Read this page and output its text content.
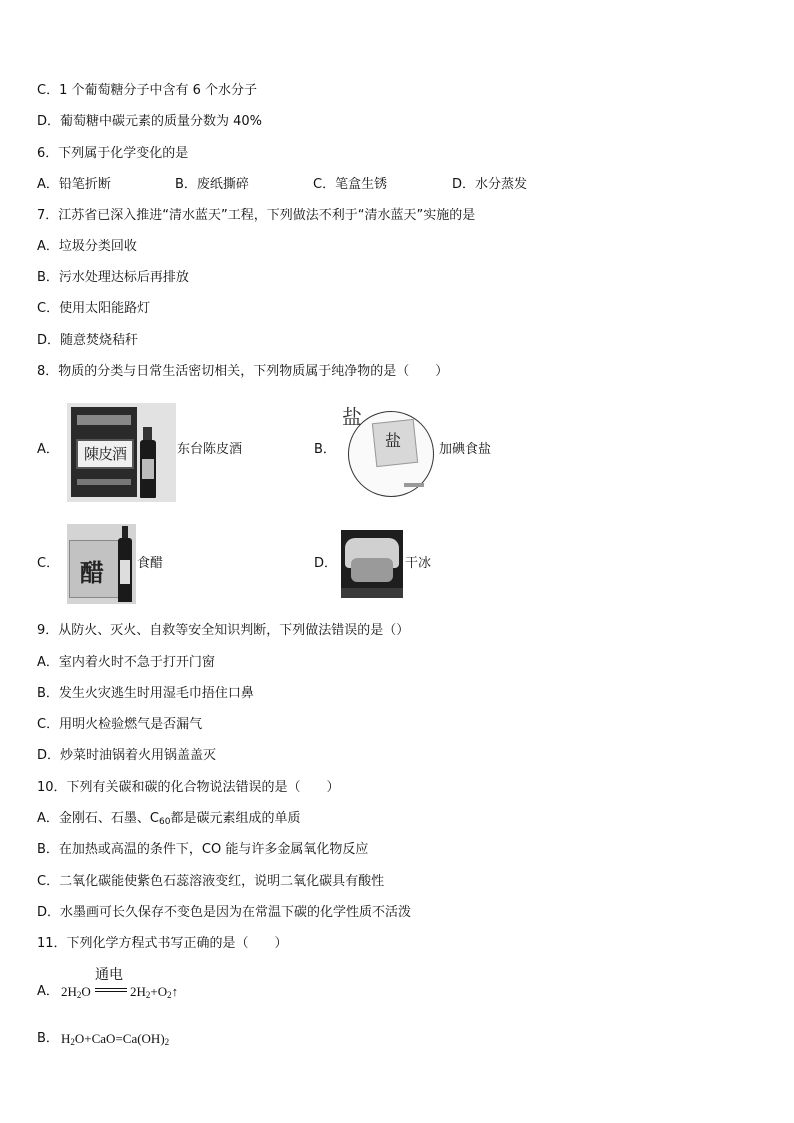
C．1 个葡萄糖分子中含有 6 个水分子
D．葡萄糖中碳元素的质量分数为 40%
6．下列属于化学变化的是
A．铅笔折断	B．废纸撕碎	C．笔盒生锈	D．水分蒸发
7．江苏省已深入推进“清水蓝天”工程，下列做法不利于“清水蓝天”实施的是
A．垃圾分类回收
B．污水处理达标后再排放
C．使用太阳能路灯
D．随意焚烧秸秆
8．物质的分类与日常生活密切相关，下列物质属于纯净物的是（　　）
A．	陳皮酒	东台陈皮酒	B．
盐
盐	加碘食盐
C． 醋	食醋	D．	干冰
9．从防火、灭火、自救等安全知识判断，下列做法错误的是（）
A．室内着火时不急于打开门窗
B．发生火灾逃生时用湿毛巾捂住口鼻
C．用明火检验燃气是否漏气
D．炒菜时油锅着火用锅盖盖灭
10．下列有关碳和碳的化合物说法错误的是（　　）
A．金刚石、石墨、$C_{60}$都是碳元素组成的单质
B．在加热或高温的条件下，CO 能与许多金属氧化物反应
C．二氧化碳能使紫色石蕊溶液变红，说明二氧化碳具有酸性
D．水墨画可长久保存不变色是因为在常温下碳的化学性质不活泼
11．下列化学方程式书写正确的是（　　）
A． $2H_2O$
通电
$2H_2+O_2↑$
B． $H_2O+CaO=Ca(OH)_2$
